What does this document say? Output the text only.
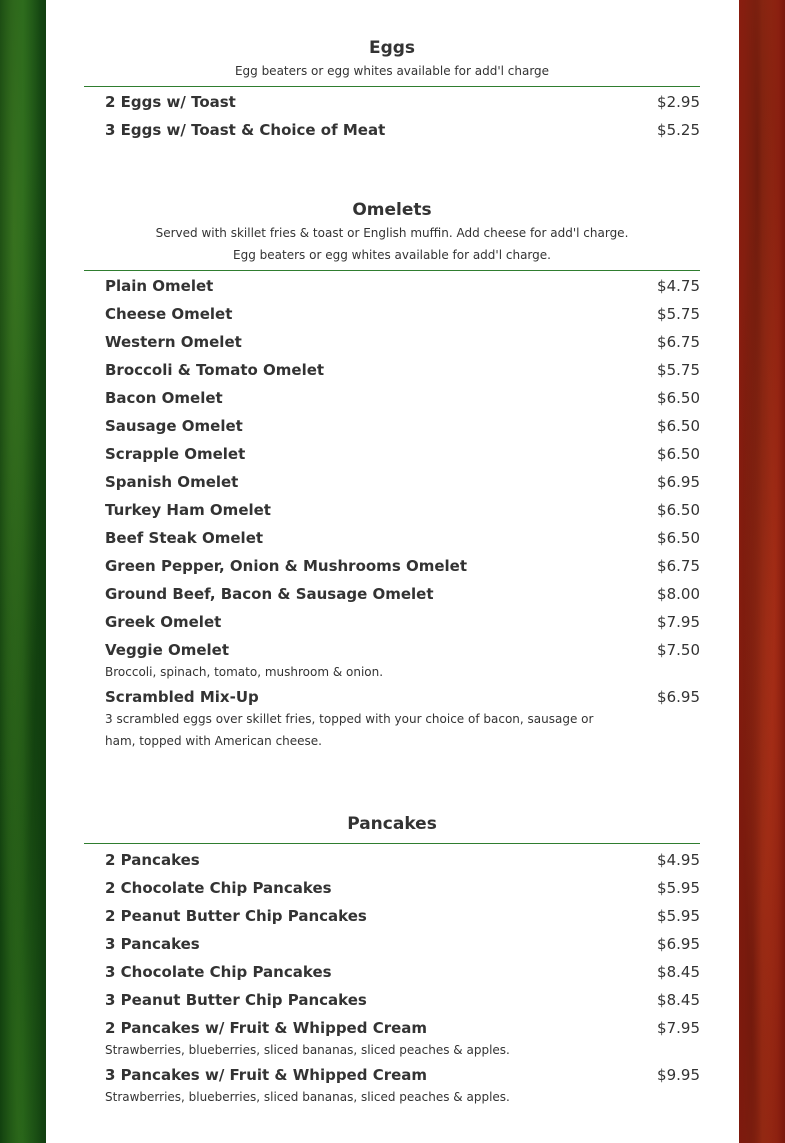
Eggs
Egg beaters or egg whites available for add'l charge
2 Eggs w/ Toast	$2.95
3 Eggs w/ Toast & Choice of Meat	$5.25
Omelets
Served with skillet fries & toast or English muffin. Add cheese for add'l charge.
Egg beaters or egg whites available for add'l charge.
Plain Omelet	$4.75
Cheese Omelet	$5.75
Western Omelet	$6.75
Broccoli & Tomato Omelet	$5.75
Bacon Omelet	$6.50
Sausage Omelet	$6.50
Scrapple Omelet	$6.50
Spanish Omelet	$6.95
Turkey Ham Omelet	$6.50
Beef Steak Omelet	$6.50
Green Pepper, Onion & Mushrooms Omelet	$6.75
Ground Beef, Bacon & Sausage Omelet	$8.00
Greek Omelet	$7.95
Veggie Omelet	$7.50
Broccoli, spinach, tomato, mushroom & onion.
Scrambled Mix-Up	$6.95
3 scrambled eggs over skillet fries, topped with your choice of bacon, sausage or ham, topped with American cheese.
Pancakes
2 Pancakes	$4.95
2 Chocolate Chip Pancakes	$5.95
2 Peanut Butter Chip Pancakes	$5.95
3 Pancakes	$6.95
3 Chocolate Chip Pancakes	$8.45
3 Peanut Butter Chip Pancakes	$8.45
2 Pancakes w/ Fruit & Whipped Cream	$7.95
Strawberries, blueberries, sliced bananas, sliced peaches & apples.
3 Pancakes w/ Fruit & Whipped Cream	$9.95
Strawberries, blueberries, sliced bananas, sliced peaches & apples.
